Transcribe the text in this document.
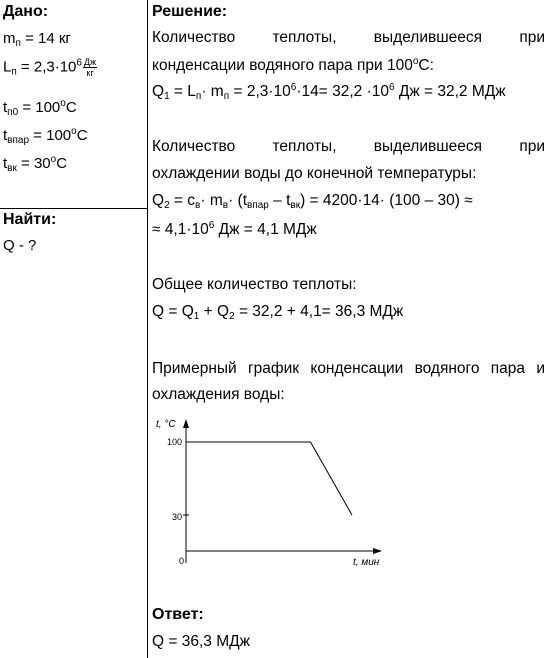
Дано:
$m_п = 14$ кг
$L_п = 2,3\cdot 10^6 \frac{Дж}{кг}$
$t_{п0} = 100^oC$
$t_{впар} = 100^oC$
$t_{вк} = 30^oC$
Найти:
Q - ?
Решение:
Количество теплоты, выделившееся при
конденсации водяного пара при 100$^o$С:
$Q_1 = L_п\cdot m_п = 2,3\cdot 10^6\cdot 14= 32,2 \cdot 10^6$ Дж = 32,2 МДж
Количество теплоты, выделившееся при
охлаждении воды до конечной температуры:
$Q_2 = c_в\cdot m_в\cdot (t_{впар} - t_{вк}) = 4200\cdot 14\cdot (100 - 30)$ ≈
≈ $4,1\cdot 10^6$ Дж = 4,1 МДж
Общее количество теплоты:
$Q = Q_1 + Q_2 = 32,2 + 4,1= 36,3$ МДж
Примерный график конденсации водяного пара и
охлаждения воды:
t, °C
t, мин
0
100
30
Ответ:
Q = 36,3 МДж
